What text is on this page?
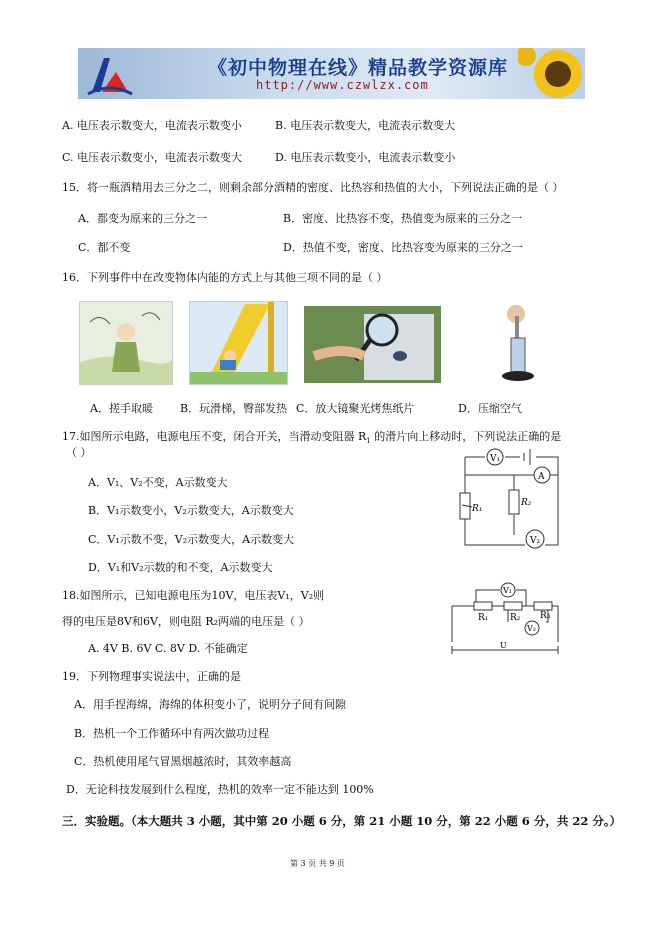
《初中物理在线》精品教学资源库
http://www.czwlzx.com
A. 电压表示数变大，电流表示数变小	B. 电压表示数变大，电流表示数变大
C. 电压表示数变小，电流表示数变大	D. 电压表示数变小，电流表示数变小
15．将一瓶酒精用去三分之二，则剩余部分酒精的密度、比热容和热值的大小，下列说法正确的是（ ）
A．都变为原来的三分之一	B．密度、比热容不变，热值变为原来的三分之一
C．都不变	D．热值不变，密度、比热容变为原来的三分之一
16．下列事件中在改变物体内能的方式上与其他三项不同的是（ ）
A．搓手取暖 B．玩滑梯，臀部发热 C．放大镜聚光烤焦纸片	D．压缩空气
17.如图所示电路，电源电压不变，闭合开关，当滑动变阻器 $R_1$ 的滑片向上移动时，下列说法正确的是
（ ）
A．V₁、V₂不变，A示数变大
B．V₁示数变小，V₂示数变大，A示数变大
C．V₁示数不变，V₂示数变大，A示数变大
D．V₁和V₂示数的和不变，A示数变大
V₁
A
R₁
R₂
V₂
18.如图所示，已知电源电压为10V，电压表V₁，V₂则
得的电压是8V和6V，则电阻 R₂两端的电压是（ ）
A. 4V B. 6V C. 8V D. 不能确定
V₁
R₁ R₂ R₃
V₂
U
19．下列物理事实说法中，正确的是
A．用手捏海绵，海绵的体积变小了，说明分子间有间隙
B．热机一个工作循环中有两次做功过程
C．热机使用尾气冒黑烟越浓时，其效率越高
D．无论科技发展到什么程度，热机的效率一定不能达到 100%
三．实验题。（本大题共 3 小题，其中第 20 小题 6 分，第 21 小题 10 分，第 22 小题 6 分，共 22 分。）
第 3 页 共 9 页
